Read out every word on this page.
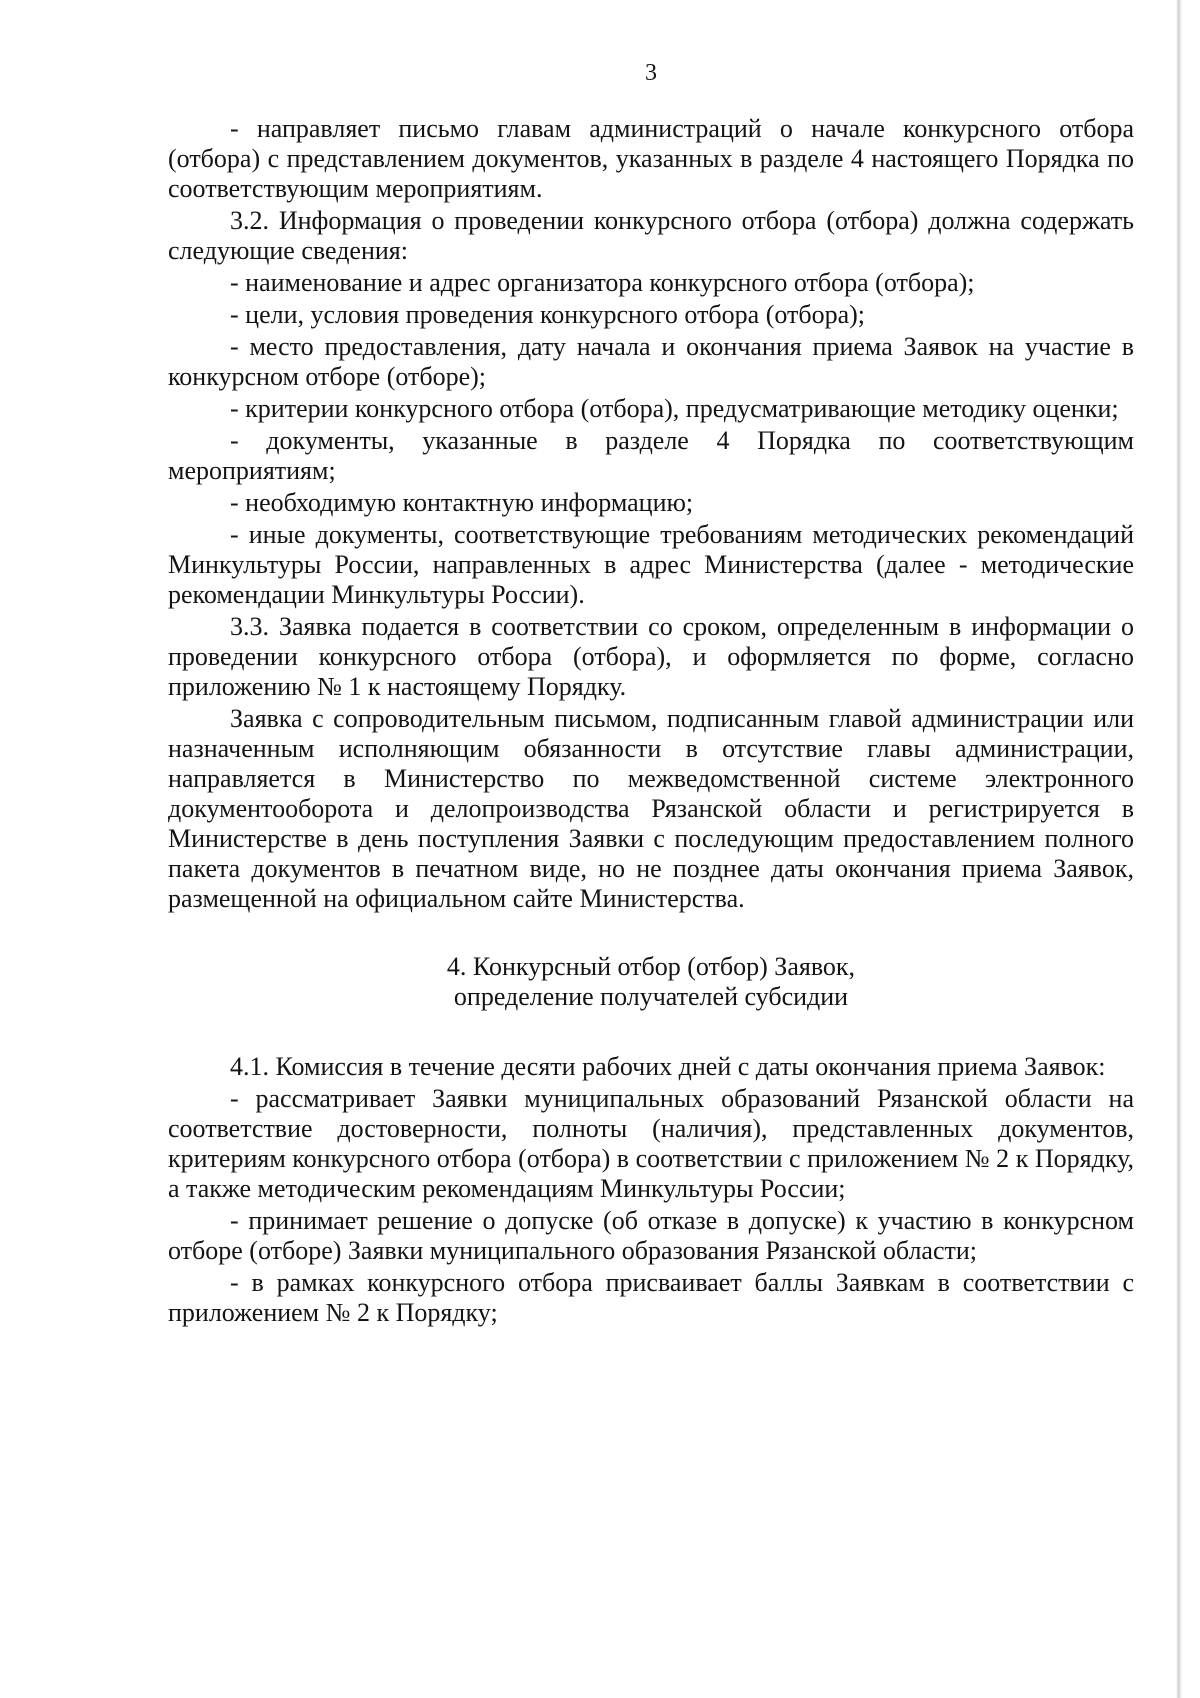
3

- направляет письмо главам администраций о начале конкурсного отбора (отбора) с представлением документов, указанных в разделе 4 настоящего Порядка по соответствующим мероприятиям.

3.2. Информация о проведении конкурсного отбора (отбора) должна содержать следующие сведения:

- наименование и адрес организатора конкурсного отбора (отбора);

- цели, условия проведения конкурсного отбора (отбора);

- место предоставления, дату начала и окончания приема Заявок на участие в конкурсном отборе (отборе);

- критерии конкурсного отбора (отбора), предусматривающие методику оценки;

- документы, указанные в разделе 4 Порядка по соответствующим мероприятиям;

- необходимую контактную информацию;

- иные документы, соответствующие требованиям методических рекомендаций Минкультуры России, направленных в адрес Министерства (далее - методические рекомендации Минкультуры России).

3.3. Заявка подается в соответствии со сроком, определенным в информации о проведении конкурсного отбора (отбора), и оформляется по форме, согласно приложению № 1 к настоящему Порядку.

Заявка с сопроводительным письмом, подписанным главой администрации или назначенным исполняющим обязанности в отсутствие главы администрации, направляется в Министерство по межведомственной системе электронного документооборота и делопроизводства Рязанской области и регистрируется в Министерстве в день поступления Заявки с последующим предоставлением полного пакета документов в печатном виде, но не позднее даты окончания приема Заявок, размещенной на официальном сайте Министерства.

4. Конкурсный отбор (отбор) Заявок,
определение получателей субсидии

4.1. Комиссия в течение десяти рабочих дней с даты окончания приема Заявок:

- рассматривает Заявки муниципальных образований Рязанской области на соответствие достоверности, полноты (наличия), представленных документов, критериям конкурсного отбора (отбора) в соответствии с приложением № 2 к Порядку, а также методическим рекомендациям Минкультуры России;

- принимает решение о допуске (об отказе в допуске) к участию в конкурсном отборе (отборе) Заявки муниципального образования Рязанской области;

- в рамках конкурсного отбора присваивает баллы Заявкам в соответствии с приложением № 2 к Порядку;
